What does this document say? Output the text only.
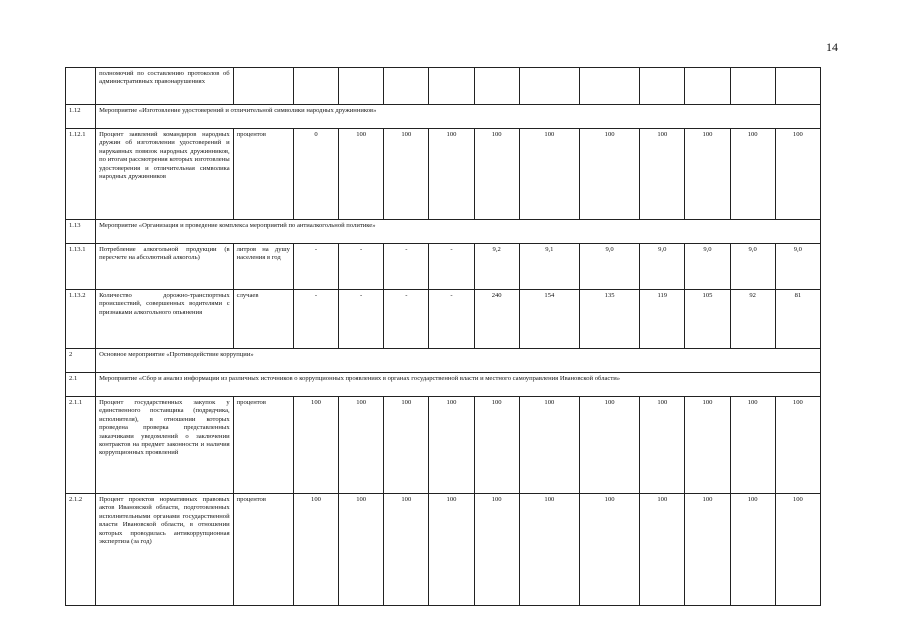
14
	полномочий по составлению протоколов об административных правонарушениях												
1.12	Мероприятие «Изготовление удостоверений и отличительной символики народных дружинников»												
1.12.1	Процент заявлений командиров народных дружин об изготовлении удостоверений и нарукавных повязок народных дружинников, по итогам рассмотрения которых изготовлены удостоверения и отличительная символика народных дружинников	процентов	0	100	100	100	100	100	100	100	100	100	100
1.13	Мероприятие «Организация и проведение комплекса мероприятий по антиалкогольной политике»												
1.13.1	Потребление алкогольной продукции (в пересчете на абсолютный алкоголь)	литров на душу населения в год	-	-	-	-	9,2	9,1	9,0	9,0	9,0	9,0	9,0
1.13.2	Количество дорожно-транспортных происшествий, совершенных водителями с признаками алкогольного опьянения	случаев	-	-	-	-	240	154	135	119	105	92	81
2	Основное мероприятие «Противодействие коррупции»												
2.1	Мероприятие «Сбор и анализ информации из различных источников о коррупционных проявлениях в органах государственной власти и местного самоуправления Ивановской области»												
2.1.1	Процент государственных закупок у единственного поставщика (подрядчика, исполнителя), в отношении которых проведена проверка представленных заказчиками уведомлений о заключении контрактов на предмет законности и наличия коррупционных проявлений	процентов	100	100	100	100	100	100	100	100	100	100	100
2.1.2	Процент проектов нормативных правовых актов Ивановской области, подготовленных исполнительными органами государственной власти Ивановской области, в отношении которых проводилась антикоррупционная экспертиза (за год)	процентов	100	100	100	100	100	100	100	100	100	100	100
